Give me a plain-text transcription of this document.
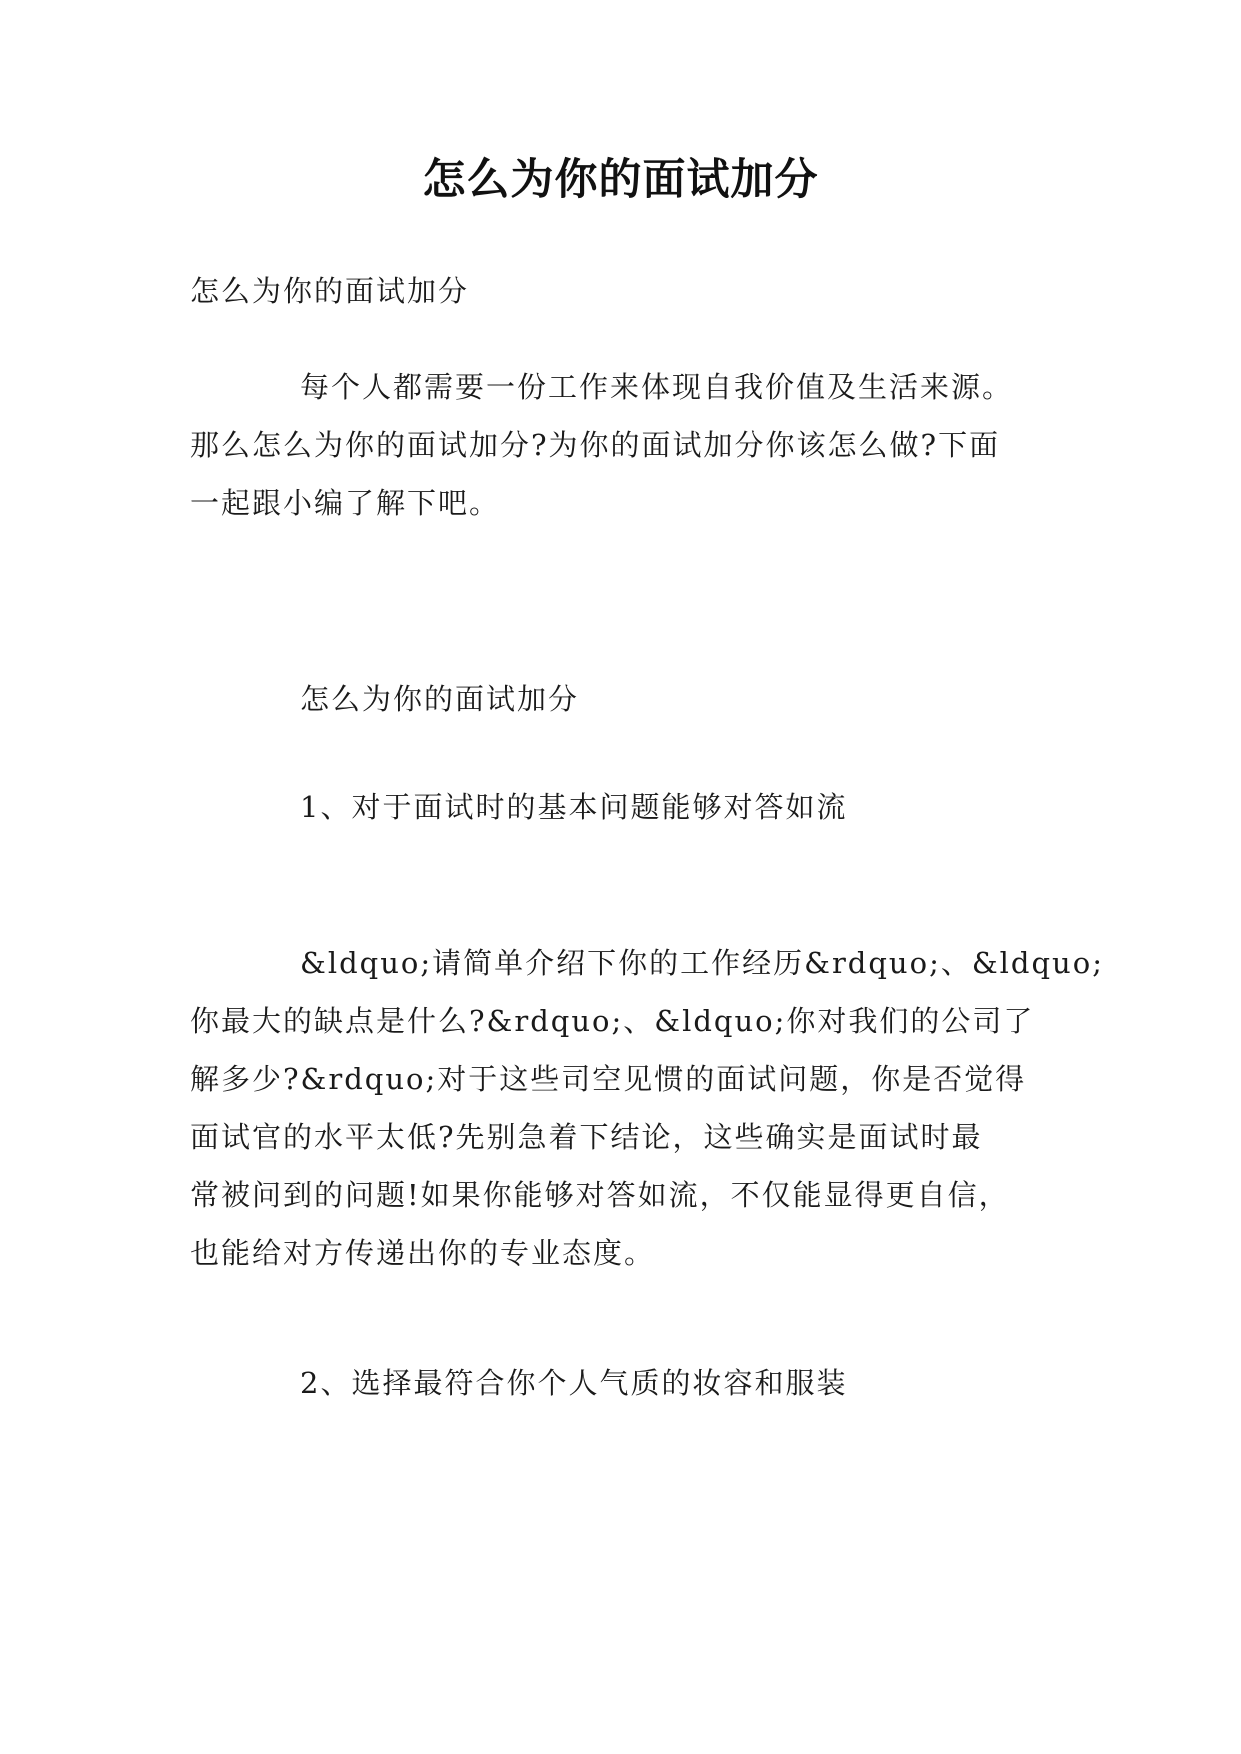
怎么为你的面试加分

怎么为你的面试加分

每个人都需要一份工作来体现自我价值及生活来源。
那么怎么为你的面试加分?为你的面试加分你该怎么做?下面
一起跟小编了解下吧。

怎么为你的面试加分

1、对于面试时的基本问题能够对答如流

&ldquo;请简单介绍下你的工作经历&rdquo;、&ldquo;
你最大的缺点是什么?&rdquo;、&ldquo;你对我们的公司了
解多少?&rdquo;对于这些司空见惯的面试问题，你是否觉得
面试官的水平太低?先别急着下结论，这些确实是面试时最
常被问到的问题!如果你能够对答如流，不仅能显得更自信，
也能给对方传递出你的专业态度。

2、选择最符合你个人气质的妆容和服装
